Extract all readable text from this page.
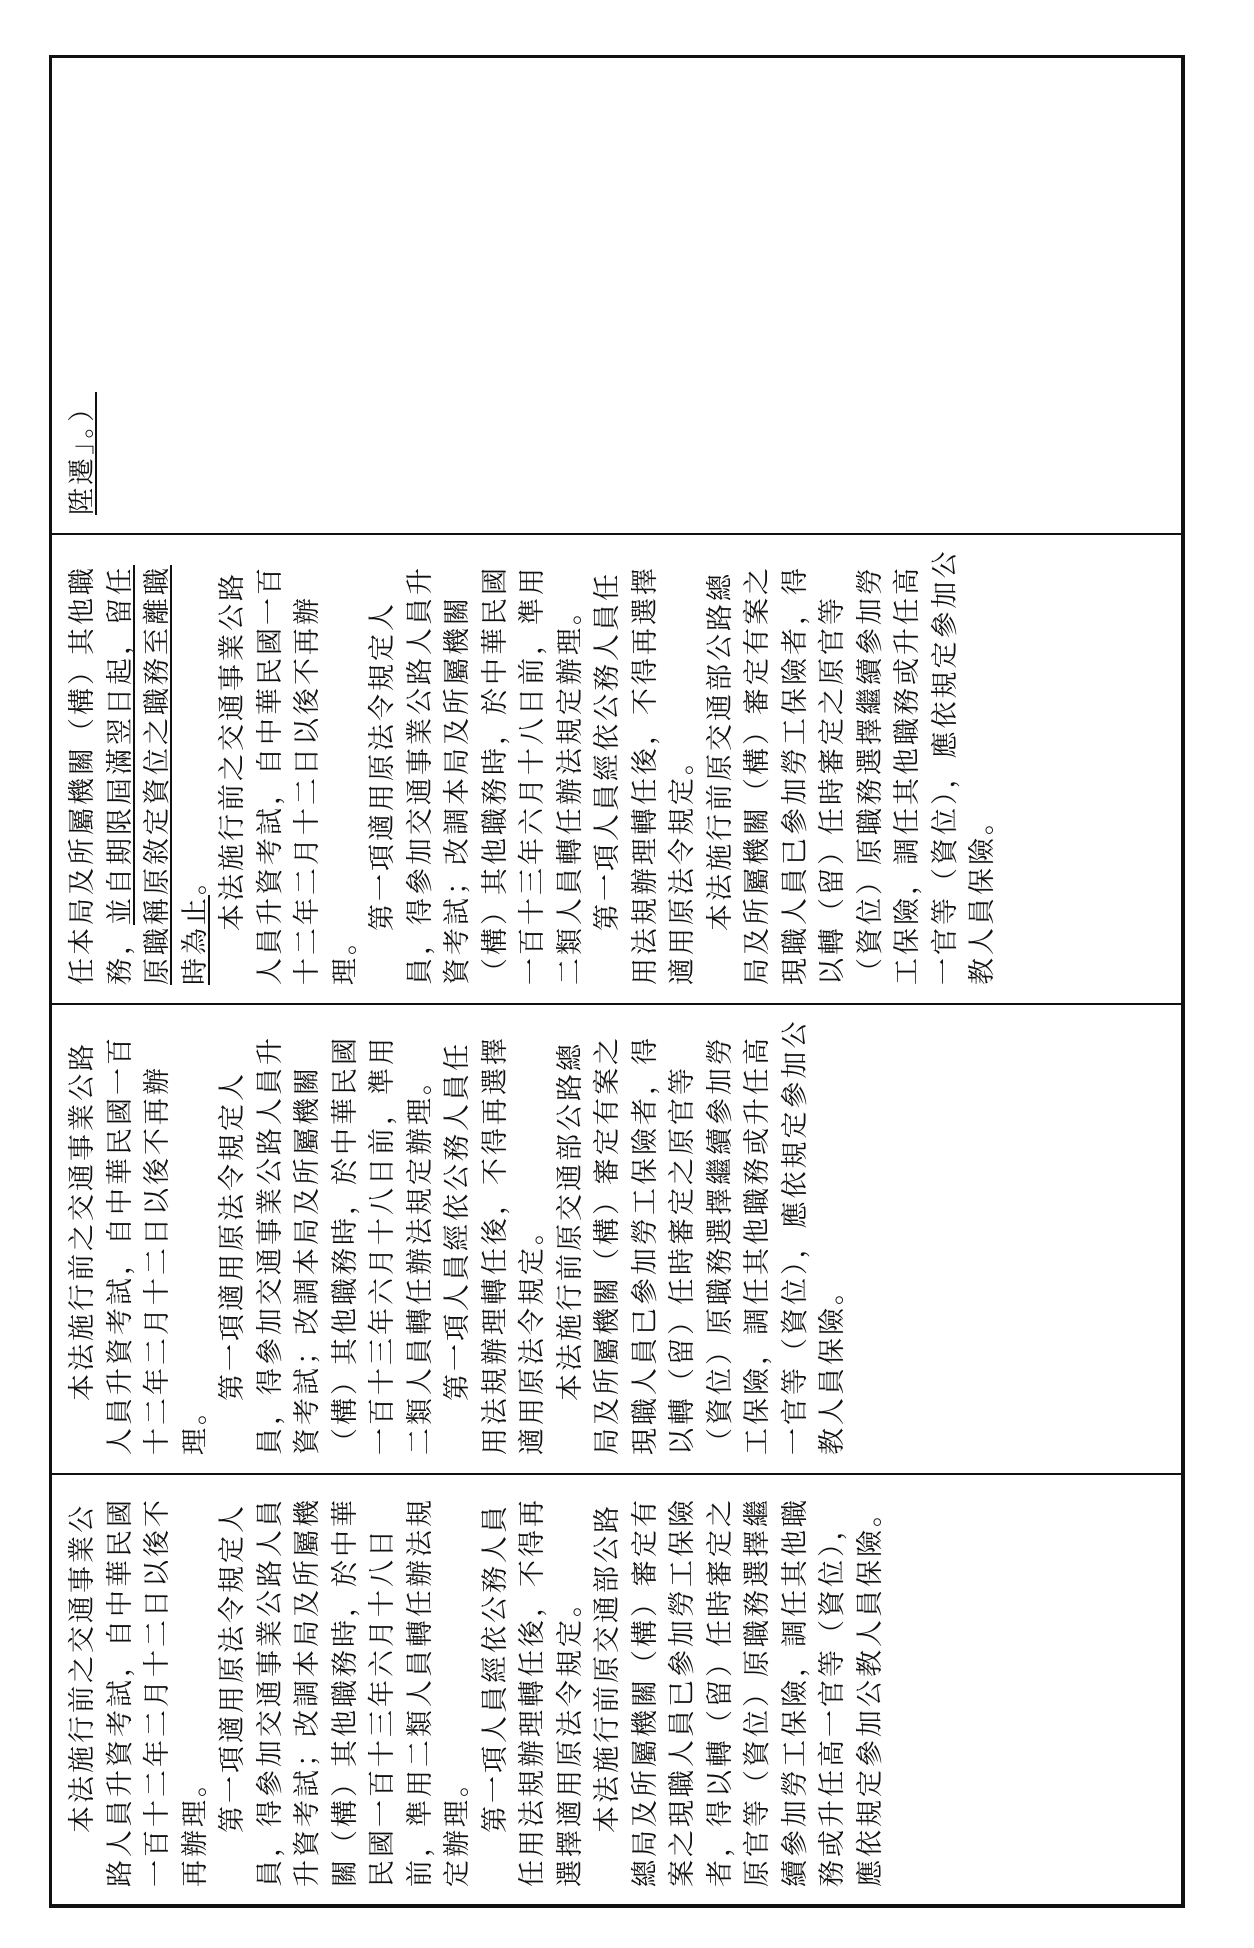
陞遷」。）

任本局及所屬機關（構）其他職務，並自期限屆滿翌日起，留任原職稱原敘定資位之職務至離職時為止。 本法施行前之交通事業公路人員升資考試，自中華民國一百十二年二月十二日以後不再辦理。

第一項適用原法令規定人員，得參加交通事業公路人員升資考試；改調本局及所屬機關（構）其他職務時，於中華民國一百十三年六月十八日前，準用二類人員轉任辦法規定辦理。 第一項人員經依公務人員任用法規辦理轉任後，不得再選擇適用原法令規定。 本法施行前原交通部公路總局及所屬機關（構）審定有案之現職人員已參加勞工保險者，得以轉（留）任時審定之原官等（資位）原職務選擇繼續參加勞工保險，調任其他職務或升任高一官等（資位），應依規定參加公教人員保險。

本法施行前之交通事業公路人員升資考試，自中華民國一百十二年二月十二日以後不再辦理。

第一項適用原法令規定人員，得參加交通事業公路人員升資考試；改調本局及所屬機關（構）其他職務時，於中華民國一百十三年六月十八日前，準用二類人員轉任辦法規定辦理。 第一項人員經依公務人員任用法規辦理轉任後，不得再選擇適用原法令規定。 本法施行前原交通部公路總局及所屬機關（構）審定有案之現職人員已參加勞工保險者，得以轉（留）任時審定之原官等（資位）原職務選擇繼續參加勞工保險，調任其他職務或升任高一官等（資位），應依規定參加公教人員保險。

本法施行前之交通事業公路人員升資考試，自中華民國一百十二年二月十二日以後不再辦理。 第一項適用原法令規定人員，得參加交通事業公路人員升資考試；改調本局及所屬機關（構）其他職務時，於中華民國一百十三年六月十八日前，準用二類人員轉任辦法規定辦理。 第一項人員經依公務人員任用法規辦理轉任後，不得再選擇適用原法令規定。 本法施行前原交通部公路總局及所屬機關（構）審定有案之現職人員已參加勞工保險者，得以轉（留）任時審定之原官等（資位）原職務選擇繼續參加勞工保險，調任其他職務或升任高一官等（資位），應依規定參加公教人員保險。
